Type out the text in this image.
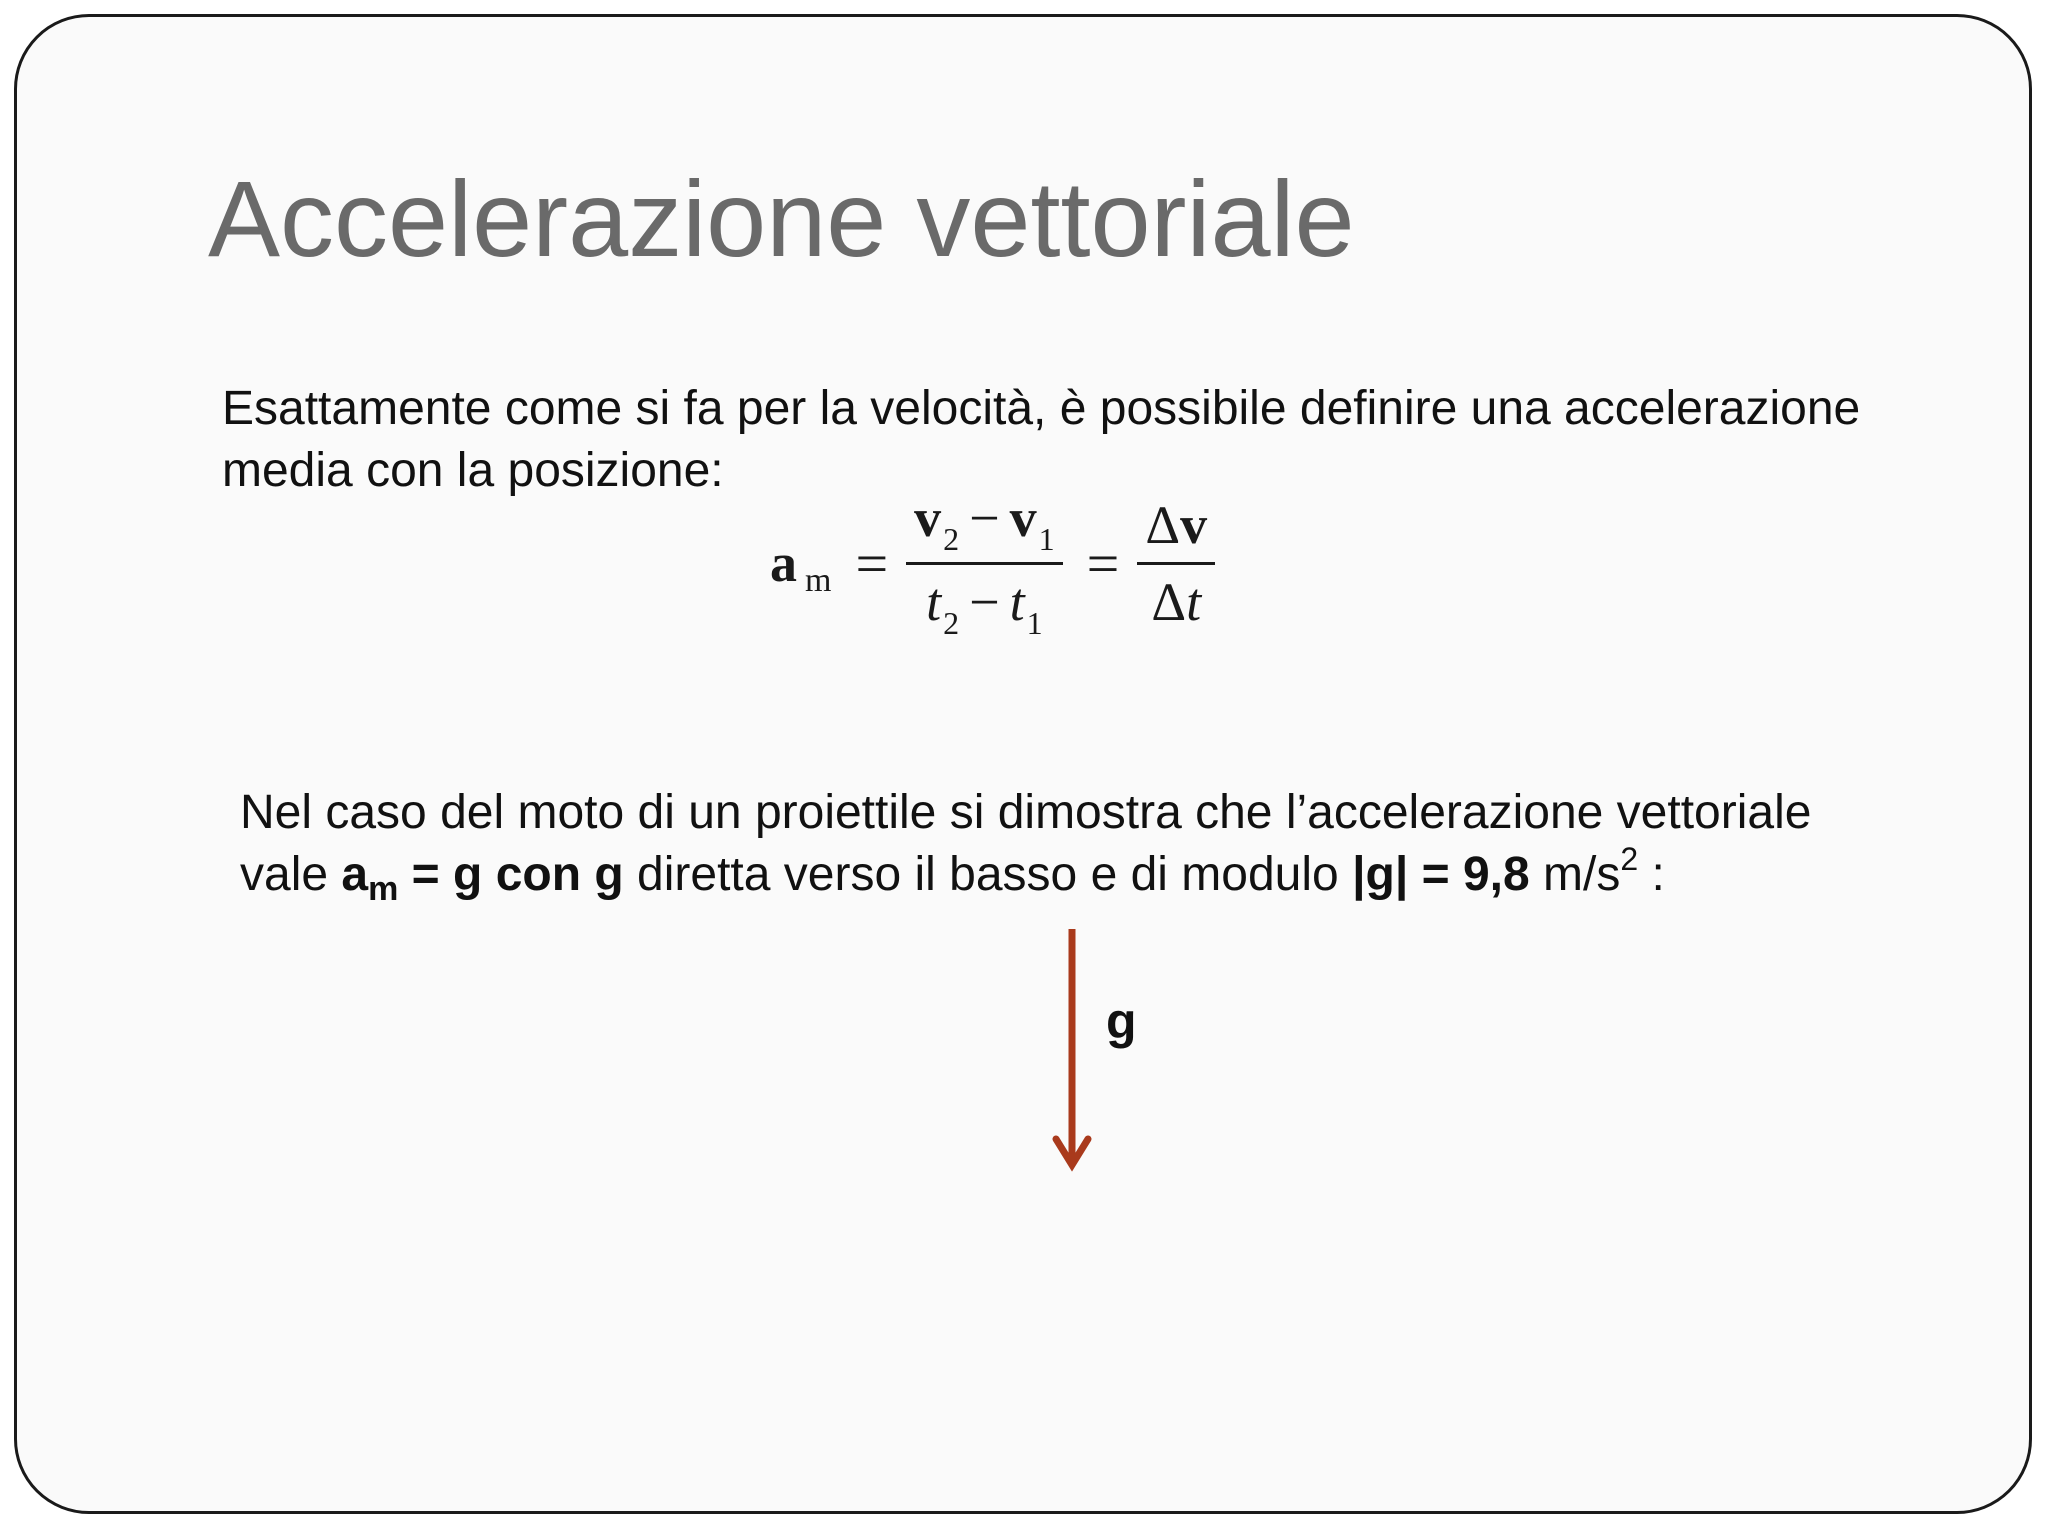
Accelerazione vettoriale

Esattamente come si fa per la velocità, è possibile definire una accelerazione media con la posizione:

a $m = \frac{v_2 - v_1}{t_2 - t_1} = \frac{\Delta v}{\Delta t}$

Nel caso del moto di un proiettile si dimostra che l’accelerazione vettoriale
vale $a_m = g$ con g diretta verso il basso e di modulo |g| = 9,8 $m/s^2$ :

g
